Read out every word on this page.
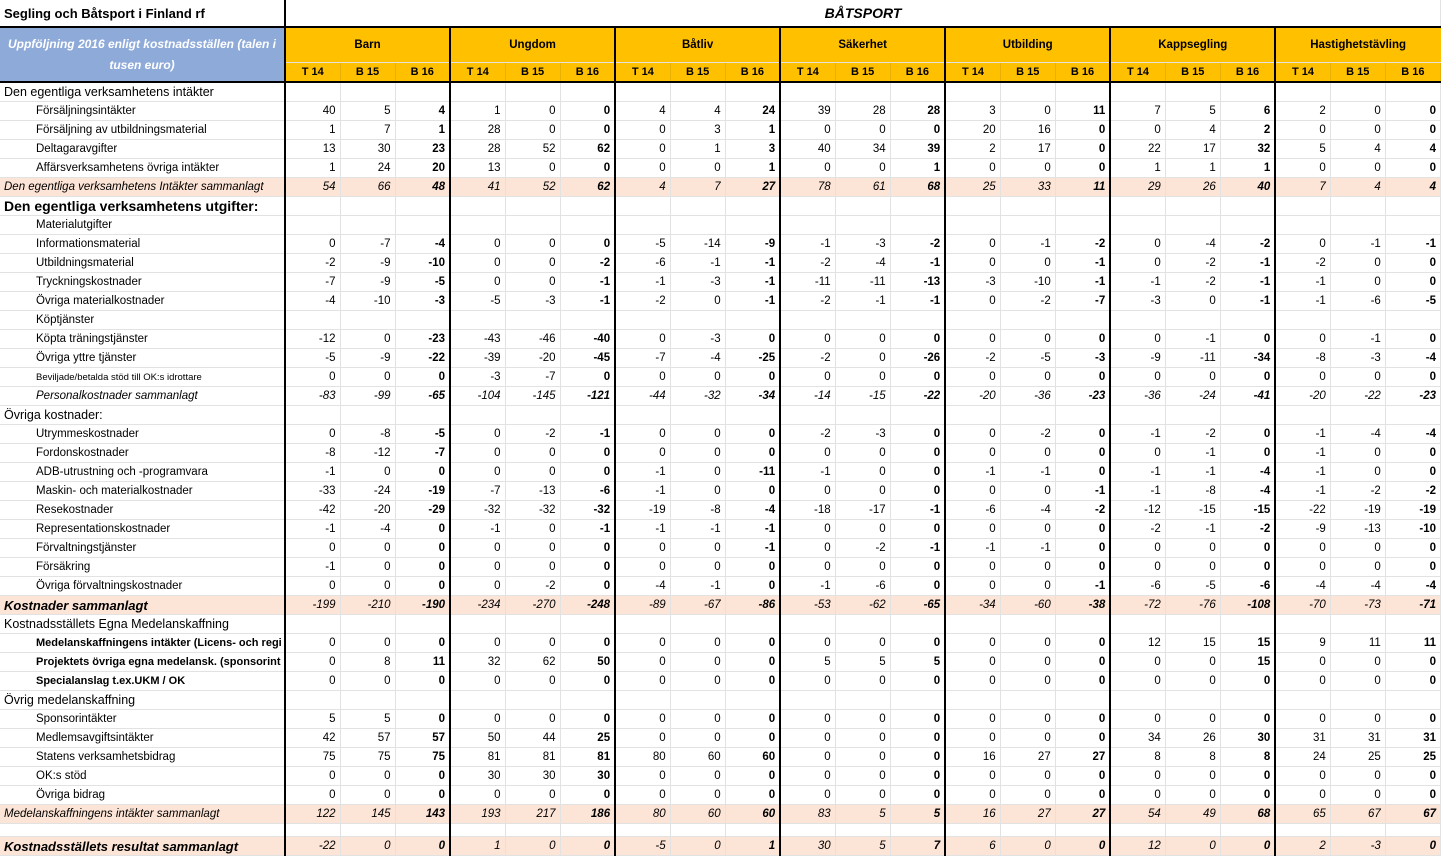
Segling och Båtsport i Finland rf	BÅTSPORT																				
Uppföljning 2016 enligt kostnadsställen (talen i tusen euro)	Barn			Ungdom			Båtliv			Säkerhet			Utbilding			Kappsegling			Hastighetstävling		
	T 14	B 15	B 16	T 14	B 15	B 16	T 14	B 15	B 16	T 14	B 15	B 16	T 14	B 15	B 16	T 14	B 15	B 16	T 14	B 15	B 16
Den egentliga verksamhetens intäkter																					
Försäljningsintäkter	40	5	4	1	0	0	4	4	24	39	28	28	3	0	11	7	5	6	2	0	0
Försäljning av utbildningsmaterial	1	7	1	28	0	0	0	3	1	0	0	0	20	16	0	0	4	2	0	0	0
Deltagaravgifter	13	30	23	28	52	62	0	1	3	40	34	39	2	17	0	22	17	32	5	4	4
Affärsverksamhetens övriga intäkter	1	24	20	13	0	0	0	0	1	0	0	1	0	0	0	1	1	1	0	0	0
Den egentliga verksamhetens Intäkter sammanlagt	54	66	48	41	52	62	4	7	27	78	61	68	25	33	11	29	26	40	7	4	4
Den egentliga verksamhetens utgifter:																					
Materialutgifter																					
Informationsmaterial	0	-7	-4	0	0	0	-5	-14	-9	-1	-3	-2	0	-1	-2	0	-4	-2	0	-1	-1
Utbildningsmaterial	-2	-9	-10	0	0	-2	-6	-1	-1	-2	-4	-1	0	0	-1	0	-2	-1	-2	0	0
Tryckningskostnader	-7	-9	-5	0	0	-1	-1	-3	-1	-11	-11	-13	-3	-10	-1	-1	-2	-1	-1	0	0
Övriga materialkostnader	-4	-10	-3	-5	-3	-1	-2	0	-1	-2	-1	-1	0	-2	-7	-3	0	-1	-1	-6	-5
Köptjänster																					
Köpta träningstjänster	-12	0	-23	-43	-46	-40	0	-3	0	0	0	0	0	0	0	0	-1	0	0	-1	0
Övriga yttre tjänster	-5	-9	-22	-39	-20	-45	-7	-4	-25	-2	0	-26	-2	-5	-3	-9	-11	-34	-8	-3	-4
Beviljade/betalda stöd till OK:s idrottare	0	0	0	-3	-7	0	0	0	0	0	0	0	0	0	0	0	0	0	0	0	0
Personalkostnader sammanlagt	-83	-99	-65	-104	-145	-121	-44	-32	-34	-14	-15	-22	-20	-36	-23	-36	-24	-41	-20	-22	-23
Övriga kostnader:																					
Utrymmeskostnader	0	-8	-5	0	-2	-1	0	0	0	-2	-3	0	0	-2	0	-1	-2	0	-1	-4	-4
Fordonskostnader	-8	-12	-7	0	0	0	0	0	0	0	0	0	0	0	0	0	-1	0	-1	0	0
ADB-utrustning och -programvara	-1	0	0	0	0	0	-1	0	-11	-1	0	0	-1	-1	0	-1	-1	-4	-1	0	0
Maskin- och materialkostnader	-33	-24	-19	-7	-13	-6	-1	0	0	0	0	0	0	0	-1	-1	-8	-4	-1	-2	-2
Resekostnader	-42	-20	-29	-32	-32	-32	-19	-8	-4	-18	-17	-1	-6	-4	-2	-12	-15	-15	-22	-19	-19
Representationskostnader	-1	-4	0	-1	0	-1	-1	-1	-1	0	0	0	0	0	0	-2	-1	-2	-9	-13	-10
Förvaltningstjänster	0	0	0	0	0	0	0	0	-1	0	-2	-1	-1	-1	0	0	0	0	0	0	0
Försäkring	-1	0	0	0	0	0	0	0	0	0	0	0	0	0	0	0	0	0	0	0	0
Övriga förvaltningskostnader	0	0	0	0	-2	0	-4	-1	0	-1	-6	0	0	0	-1	-6	-5	-6	-4	-4	-4
Kostnader sammanlagt	-199	-210	-190	-234	-270	-248	-89	-67	-86	-53	-62	-65	-34	-60	-38	-72	-76	-108	-70	-73	-71
Kostnadsställets Egna Medelanskaffning																					
Medelanskaffningens intäkter (Licens- och regi	0	0	0	0	0	0	0	0	0	0	0	0	0	0	0	12	15	15	9	11	11
Projektets övriga egna medelansk. (sponsorint	0	8	11	32	62	50	0	0	0	5	5	5	0	0	0	0	0	15	0	0	0
Specialanslag t.ex.UKM / OK	0	0	0	0	0	0	0	0	0	0	0	0	0	0	0	0	0	0	0	0	0
Övrig medelanskaffning																					
Sponsorintäkter	5	5	0	0	0	0	0	0	0	0	0	0	0	0	0	0	0	0	0	0	0
Medlemsavgiftsintäkter	42	57	57	50	44	25	0	0	0	0	0	0	0	0	0	34	26	30	31	31	31
Statens verksamhetsbidrag	75	75	75	81	81	81	80	60	60	0	0	0	16	27	27	8	8	8	24	25	25
OK:s stöd	0	0	0	30	30	30	0	0	0	0	0	0	0	0	0	0	0	0	0	0	0
Övriga bidrag	0	0	0	0	0	0	0	0	0	0	0	0	0	0	0	0	0	0	0	0	0
Medelanskaffningens intäkter sammanlagt	122	145	143	193	217	186	80	60	60	83	5	5	16	27	27	54	49	68	65	67	67

Kostnadsställets resultat sammanlagt	-22	0	0	1	0	0	-5	0	1	30	5	7	6	0	0	12	0	0	2	-3	0
